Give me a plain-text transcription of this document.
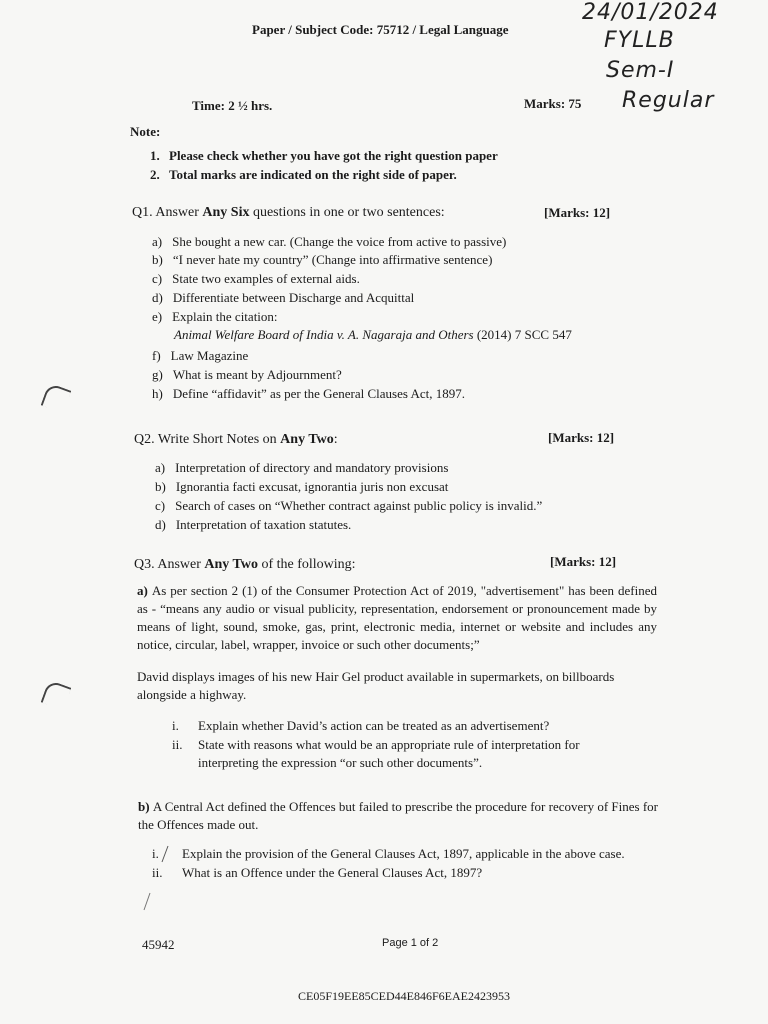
Paper / Subject Code: 75712 / Legal Language
24/01/2024
FYLLB
Sem-I
Regular
Time: 2 ½ hrs.	Marks: 75
Note:
1. Please check whether you have got the right question paper
2. Total marks are indicated on the right side of paper.
Q1. Answer Any Six questions in one or two sentences:	[Marks: 12]
a) She bought a new car. (Change the voice from active to passive)
b) “I never hate my country” (Change into affirmative sentence)
c) State two examples of external aids.
d) Differentiate between Discharge and Acquittal
e) Explain the citation:
Animal Welfare Board of India v. A. Nagaraja and Others (2014) 7 SCC 547
f) Law Magazine
g) What is meant by Adjournment?
h) Define “affidavit” as per the General Clauses Act, 1897.
Q2. Write Short Notes on Any Two:	[Marks: 12]
a) Interpretation of directory and mandatory provisions
b) Ignorantia facti excusat, ignorantia juris non excusat
c) Search of cases on “Whether contract against public policy is invalid.”
d) Interpretation of taxation statutes.
Q3. Answer Any Two of the following:	[Marks: 12]
a) As per section 2 (1) of the Consumer Protection Act of 2019, "advertisement" has been defined as - “means any audio or visual publicity, representation, endorsement or pronouncement made by means of light, sound, smoke, gas, print, electronic media, internet or website and includes any notice, circular, label, wrapper, invoice or such other documents;”
David displays images of his new Hair Gel product available in supermarkets, on billboards alongside a highway.
i. Explain whether David’s action can be treated as an advertisement?
ii. State with reasons what would be an appropriate rule of interpretation for
interpreting the expression “or such other documents”.
b) A Central Act defined the Offences but failed to prescribe the procedure for recovery of Fines for the Offences made out.
i. Explain the provision of the General Clauses Act, 1897, applicable in the above case.
ii. What is an Offence under the General Clauses Act, 1897?
45942	Page 1 of 2
CE05F19EE85CED44E846F6EAE2423953
